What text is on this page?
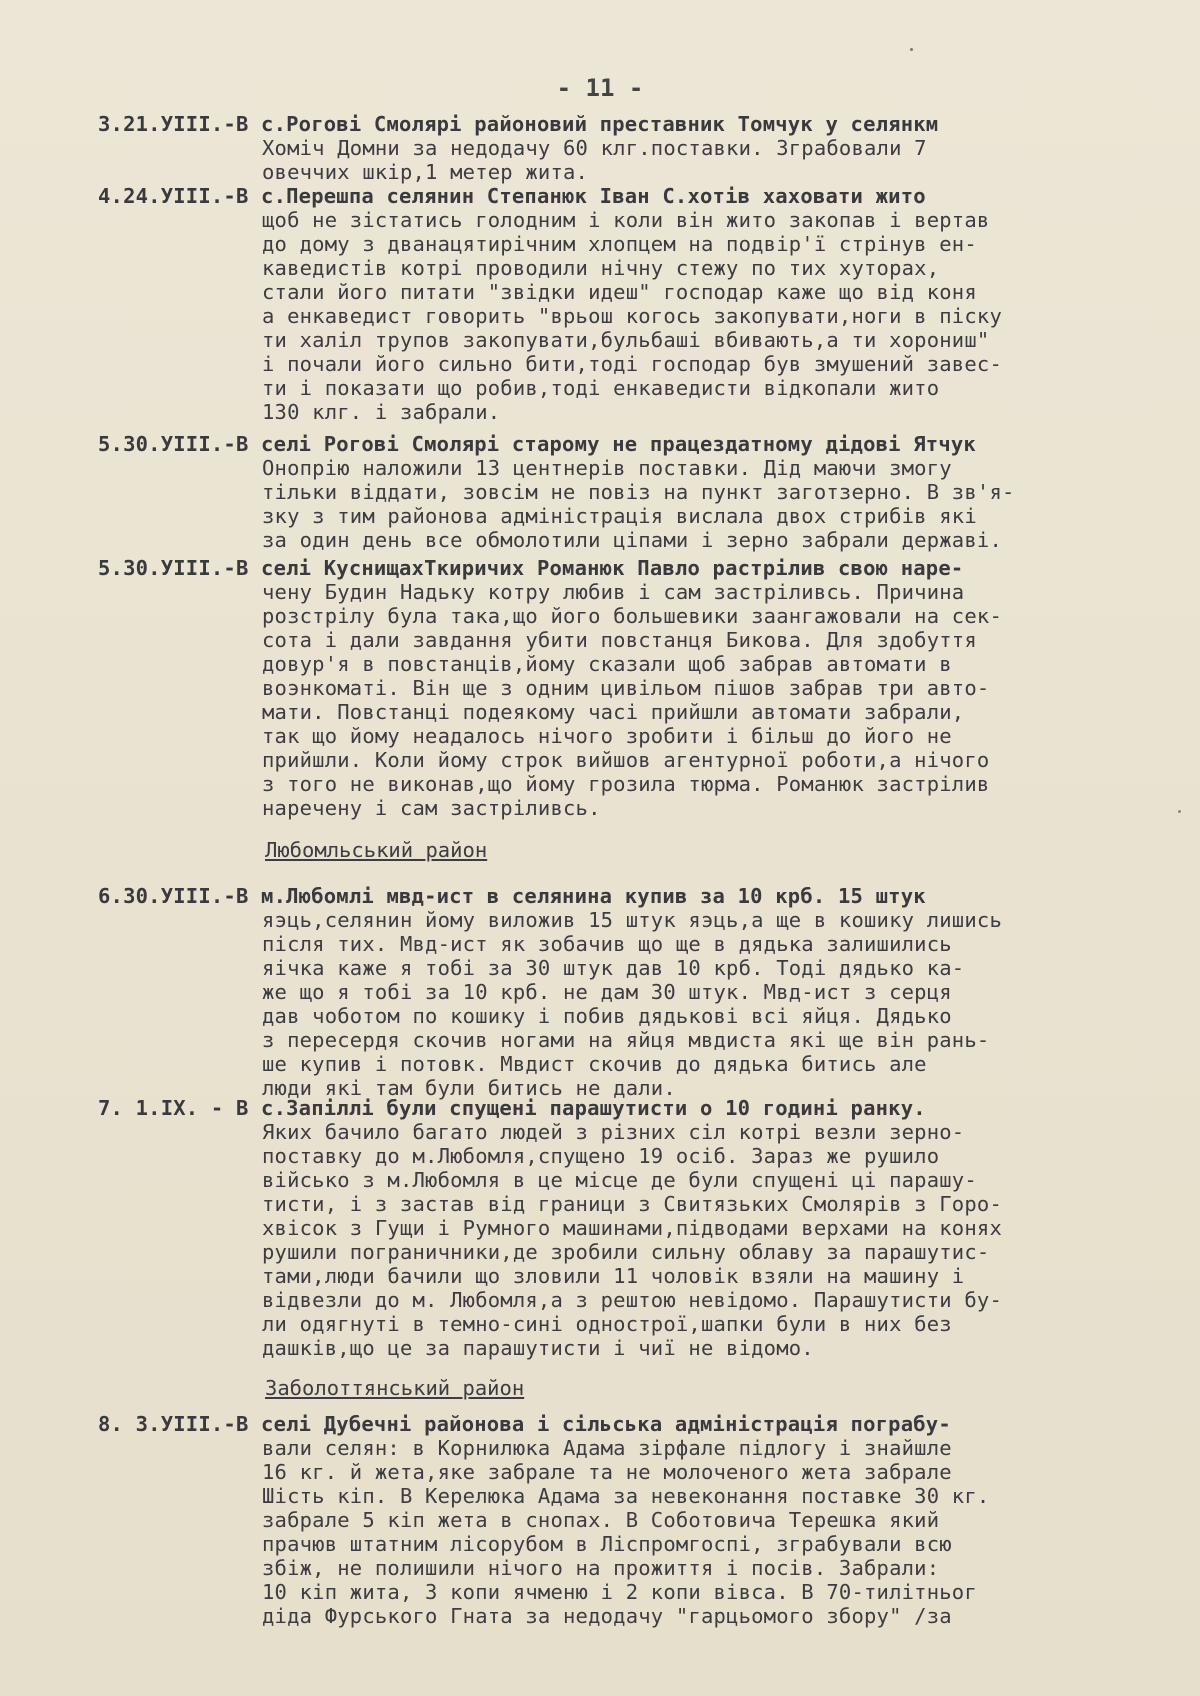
- 11 -
3.21.УІІІ.-В с.Рогові Смолярі районовий преставник Томчук у селянкм
Хоміч Домни за недодачу 60 клг.поставки. Зграбовали 7
овеччих шкір,1 метер жита.
4.24.УІІІ.-В с.Перешпа селянин Степанюк Іван С.хотів хаховати жито
щоб не зістатись голодним і коли він жито закопав і вертав
до дому з дванацятирічним хлопцем на подвір'ї стрінув ен-
каведистів котрі проводили нічну стежу по тих хуторах,
стали його питати "звідки идеш" господар каже що від коня
а енкаведист говорить "врьош когось закопувати,ноги в піску
ти халіл трупов закопувати,бульбаші вбивають,а ти хорониш"
і почали його сильно бити,тоді господар був змушений завес-
ти і показати що робив,тоді енкаведисти відкопали жито
130 клг. і забрали.
5.30.УІІІ.-В селі Рогові Смолярі старому не працездатному дідові Ятчук
Онопрію наложили 13 центнерів поставки. Дід маючи змогу
тільки віддати, зовсім не повіз на пункт заготзерно. В зв'я-
зку з тим районова адміністрація вислала двох стрибів які
за один день все обмолотили ціпами і зерно забрали державі.
5.30.УІІІ.-В селі КуснищахТкиричих Романюк Павло растрілив свою наре-
чену Будин Надьку котру любив і сам застріливсь. Причина
розстрілу була така,що його большевики заангажовали на сек-
сота і дали завдання убити повстанця Бикова. Для здобуття
довур'я в повстанців,йому сказали щоб забрав автомати в
воэнкоматі. Він ще з одним цивільом пішов забрав три авто-
мати. Повстанці подеякому часі прийшли автомати забрали,
так що йому неадалось нічого зробити і більш до його не
прийшли. Коли йому строк вийшов агентурної роботи,а нічого
з того не виконав,що йому грозила тюрма. Романюк застрілив
наречену і сам застріливсь.
Любомльський район
6.30.УІІІ.-В м.Любомлі мвд-ист в селянина купив за 10 крб. 15 штук
яэць,селянин йому виложив 15 штук яэць,а ще в кошику лишись
після тих. Мвд-ист як зобачив що ще в дядька залишились
яічка каже я тобі за 30 штук дав 10 крб. Тоді дядько ка-
же що я тобі за 10 крб. не дам 30 штук. Мвд-ист з серця
дав чоботом по кошику і побив дядькові всі яйця. Дядько
з пересердя скочив ногами на яйця мвдиста які ще він рань-
ше купив і потовк. Мвдист скочив до дядька битись але
люди які там були битись не дали.
7. 1.ІХ. - В с.Запіллі були спущені парашутисти о 10 годині ранку.
Яких бачило багато людей з різних сіл котрі везли зерно-
поставку до м.Любомля,спущено 19 осіб. Зараз же рушило
військо з м.Любомля в це місце де були спущені ці парашу-
тисти, і з застав від граници з Свитязьких Смолярів з Горо-
хвісок з Гущи і Румного машинами,підводами верхами на конях
рушили пограничники,де зробили сильну облаву за парашутис-
тами,люди бачили що зловили 11 чоловік взяли на машину і
відвезли до м. Любомля,а з рештою невідомо. Парашутисти бу-
ли одягнуті в темно-сині однострої,шапки були в них без
дашків,що це за парашутисти і чиї не відомо.
Заболоттянський район
8. 3.УІІІ.-В селі Дубечні районова і сільська адміністрація пограбу-
вали селян: в Корнилюка Адама зірфале підлогу і знайшле
16 кг. й жета,яке забрале та не молоченого жета забрале
Шість кіп. В Керелюка Адама за невеконання поставке 30 кг.
забрале 5 кіп жета в снопах. В Соботовича Терешка який
прачюв штатним лісорубом в Ліспромгоспі, зграбували всю
збіж, не полишили нічого на прожиття і посів. Забрали:
10 кіп жита, 3 копи ячменю і 2 копи вівса. В 70-тилітньог
діда Фурського Гната за недодачу "гарцьомого збору" /за
